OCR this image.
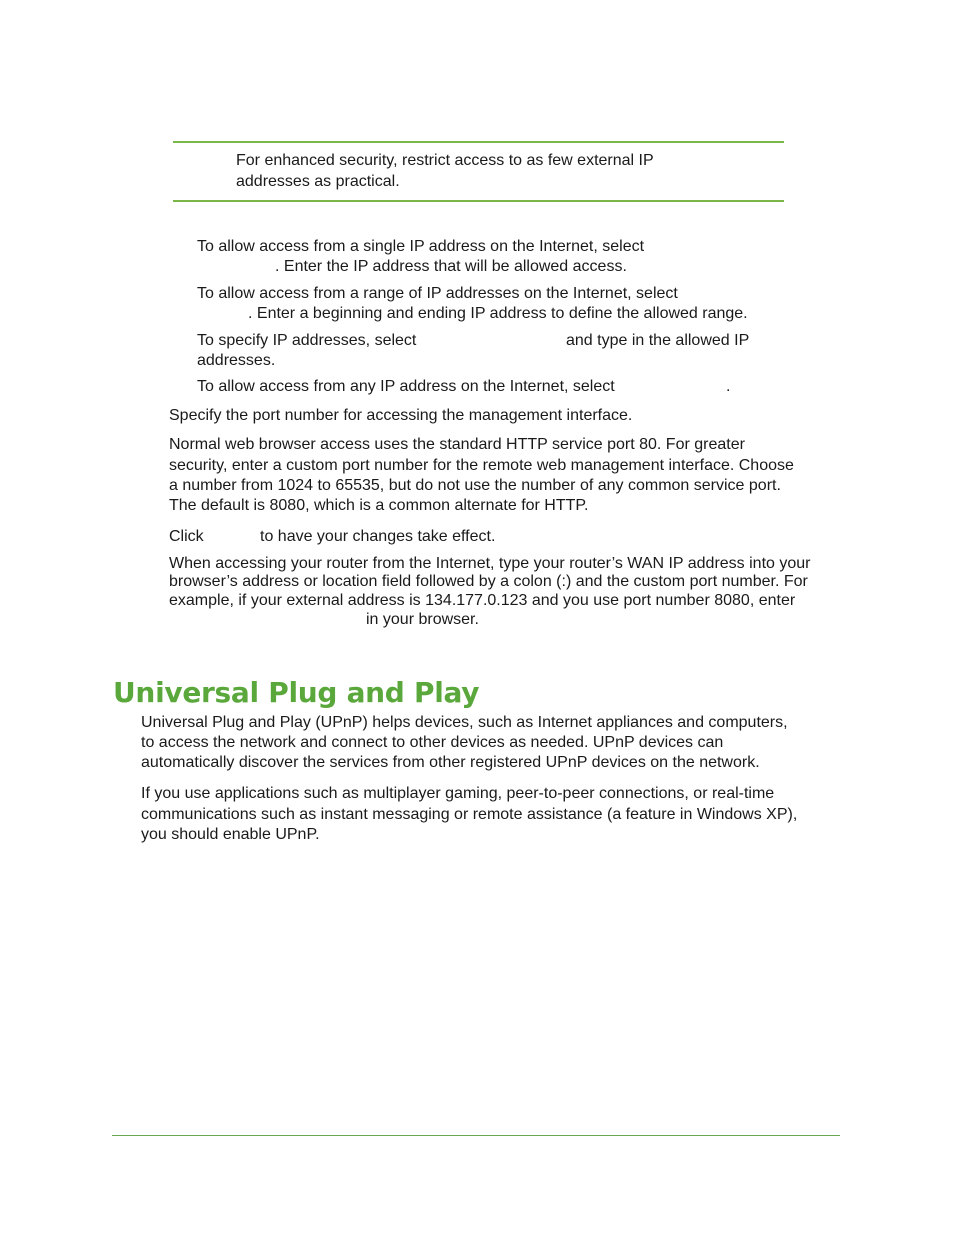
For enhanced security, restrict access to as few external IP

addresses as practical.

To allow access from a single IP address on the Internet, select

. Enter the IP address that will be allowed access.

To allow access from a range of IP addresses on the Internet, select

. Enter a beginning and ending IP address to define the allowed range.

To specify IP addresses, select	and type in the allowed IP

addresses.

To allow access from any IP address on the Internet, select	.

Specify the port number for accessing the management interface.

Normal web browser access uses the standard HTTP service port 80. For greater

security, enter a custom port number for the remote web management interface. Choose

a number from 1024 to 65535, but do not use the number of any common service port.

The default is 8080, which is a common alternate for HTTP.

Click	to have your changes take effect.

When accessing your router from the Internet, type your router’s WAN IP address into your

browser’s address or location field followed by a colon (:) and the custom port number. For

example, if your external address is 134.177.0.123 and you use port number 8080, enter

in your browser.

Universal Plug and Play

Universal Plug and Play (UPnP) helps devices, such as Internet appliances and computers,

to access the network and connect to other devices as needed. UPnP devices can

automatically discover the services from other registered UPnP devices on the network.

If you use applications such as multiplayer gaming, peer-to-peer connections, or real-time

communications such as instant messaging or remote assistance (a feature in Windows XP),

you should enable UPnP.
